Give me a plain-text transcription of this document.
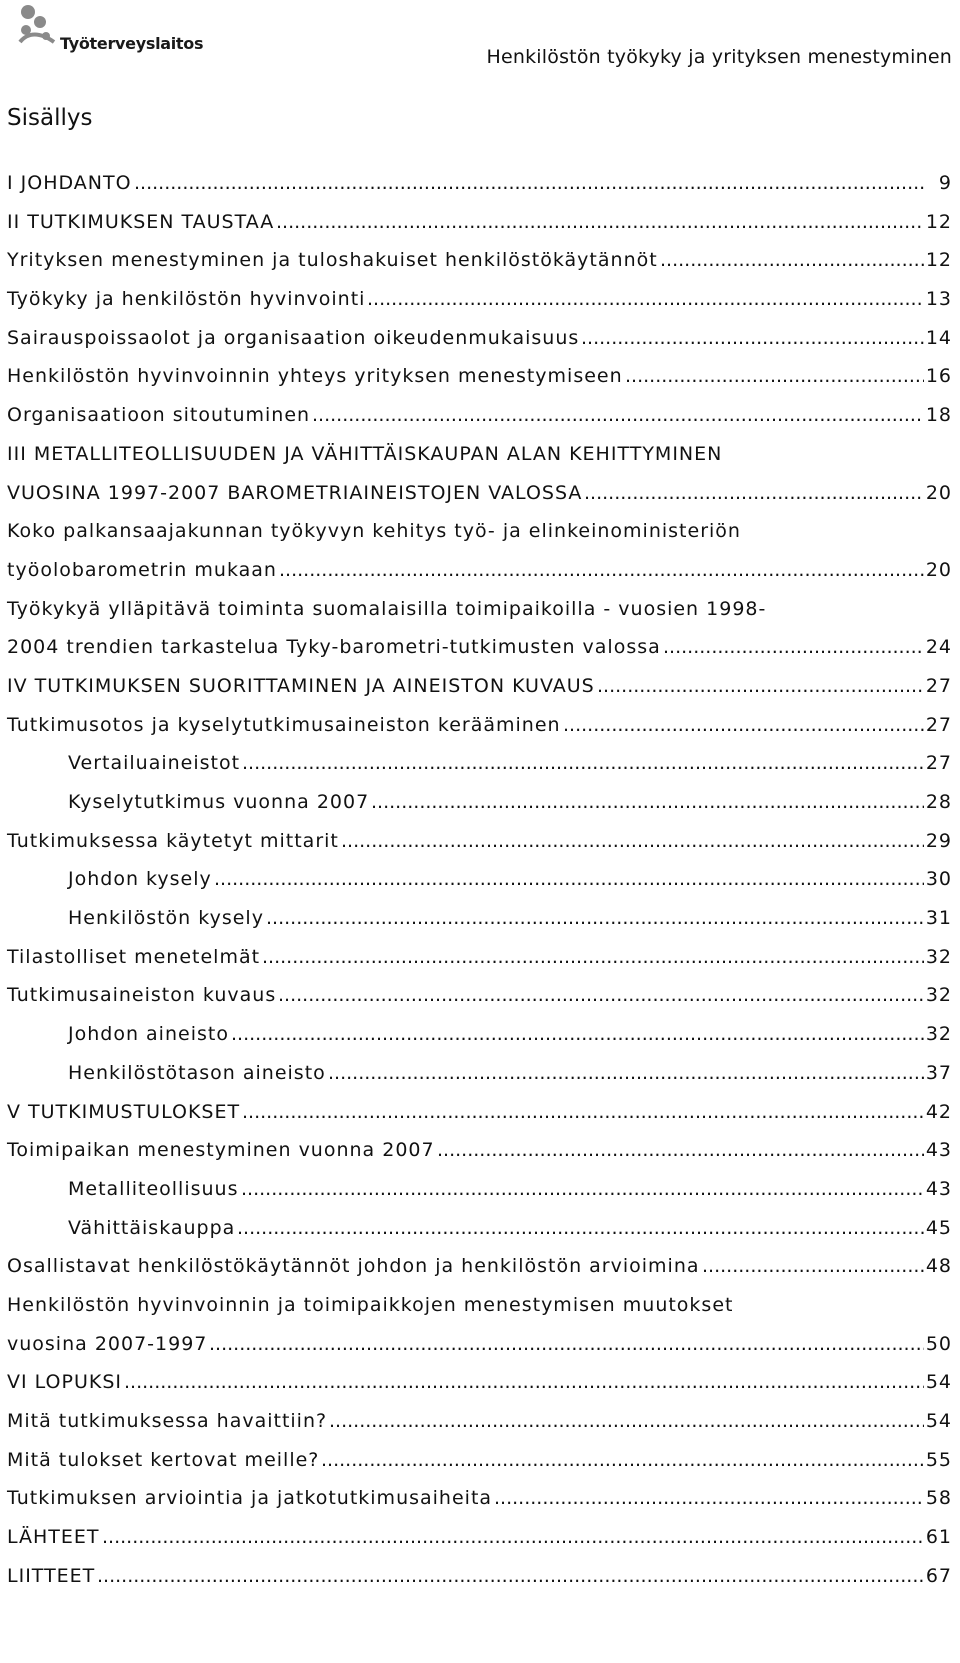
Työterveyslaitos
Henkilöstön työkyky ja yrityksen menestyminen
Sisällys
I JOHDANTO .....	9
II TUTKIMUKSEN TAUSTAA .....	12
Yrityksen menestyminen ja tuloshakuiset henkilöstökäytännöt .....	12
Työkyky ja henkilöstön hyvinvointi .....	13
Sairauspoissaolot ja organisaation oikeudenmukaisuus .....	14
Henkilöstön hyvinvoinnin yhteys yrityksen menestymiseen .....	16
Organisaatioon sitoutuminen .....	18
III METALLITEOLLISUUDEN JA VÄHITTÄISKAUPAN ALAN KEHITTYMINEN
VUOSINA 1997-2007 BAROMETRIAINEISTOJEN VALOSSA .....	20
Koko palkansaajakunnan työkyvyn kehitys työ- ja elinkeinoministeriön
työolobarometrin mukaan .....	20
Työkykyä ylläpitävä toiminta suomalaisilla toimipaikoilla - vuosien 1998-
2004 trendien tarkastelua Tyky-barometri-tutkimusten valossa .....	24
IV TUTKIMUKSEN SUORITTAMINEN JA AINEISTON KUVAUS .....	27
Tutkimusotos ja kyselytutkimusaineiston kerääminen .....	27
Vertailuaineistot .....	27
Kyselytutkimus vuonna 2007 .....	28
Tutkimuksessa käytetyt mittarit .....	29
Johdon kysely .....	30
Henkilöstön kysely .....	31
Tilastolliset menetelmät .....	32
Tutkimusaineiston kuvaus .....	32
Johdon aineisto .....	32
Henkilöstötason aineisto .....	37
V TUTKIMUSTULOKSET .....	42
Toimipaikan menestyminen vuonna 2007 .....	43
Metalliteollisuus .....	43
Vähittäiskauppa .....	45
Osallistavat henkilöstökäytännöt johdon ja henkilöstön arvioimina .....	48
Henkilöstön hyvinvoinnin ja toimipaikkojen menestymisen muutokset
vuosina 2007-1997 .....	50
VI LOPUKSI .....	54
Mitä tutkimuksessa havaittiin? .....	54
Mitä tulokset kertovat meille? .....	55
Tutkimuksen arviointia ja jatkotutkimusaiheita .....	58
LÄHTEET .....	61
LIITTEET .....	67
